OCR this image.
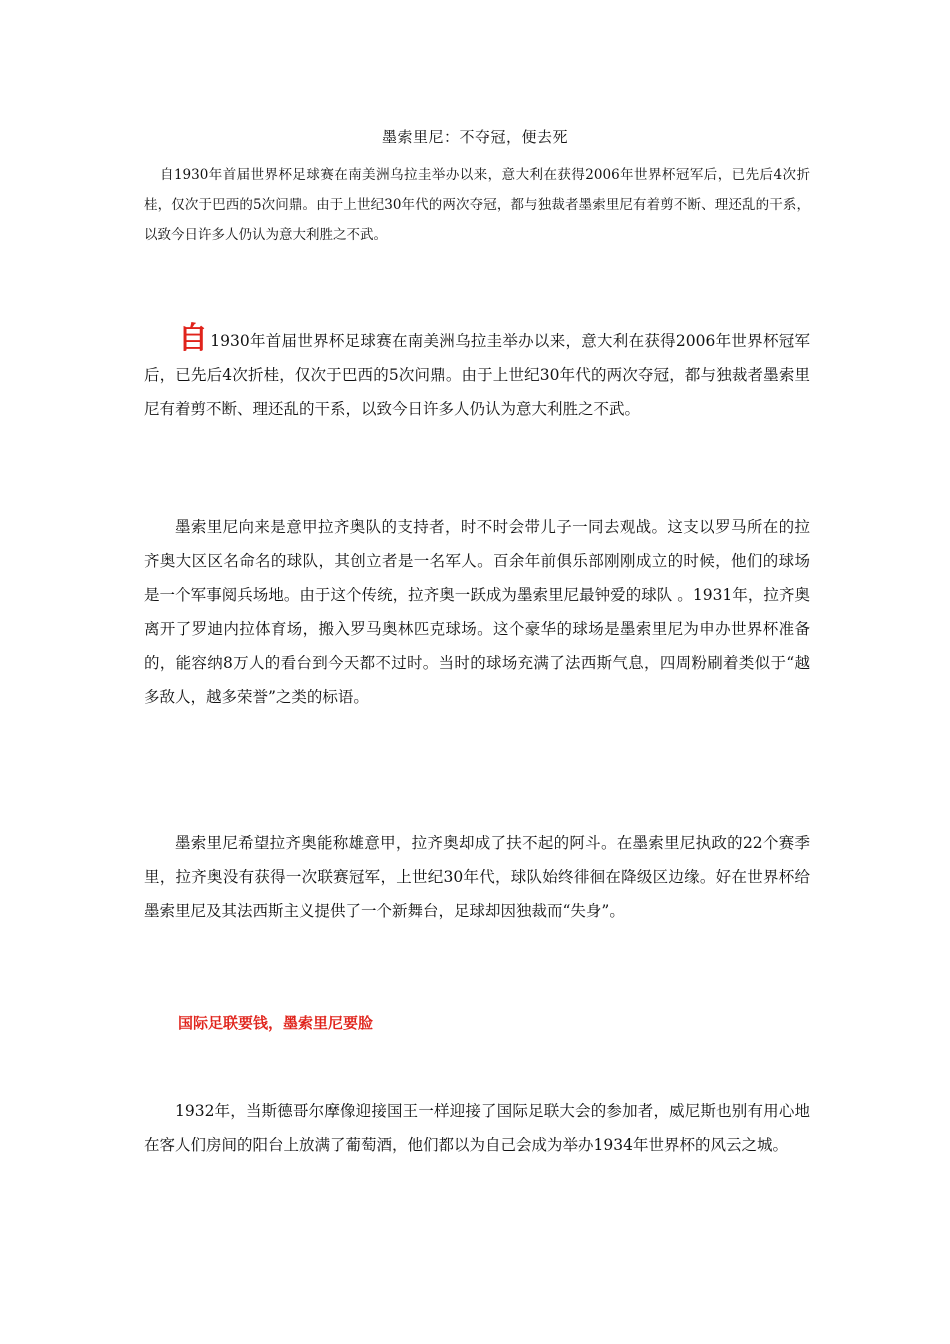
墨索里尼：不夺冠，便去死

自1930年首届世界杯足球赛在南美洲乌拉圭举办以来，意大利在获得2006年世界杯冠军后，已先后4次折桂，仅次于巴西的5次问鼎。由于上世纪30年代的两次夺冠，都与独裁者墨索里尼有着剪不断、理还乱的干系，以致今日许多人仍认为意大利胜之不武。

自 1930年首届世界杯足球赛在南美洲乌拉圭举办以来，意大利在获得2006年世界杯冠军后，已先后4次折桂，仅次于巴西的5次问鼎。由于上世纪30年代的两次夺冠，都与独裁者墨索里尼有着剪不断、理还乱的干系，以致今日许多人仍认为意大利胜之不武。

墨索里尼向来是意甲拉齐奥队的支持者，时不时会带儿子一同去观战。这支以罗马所在的拉齐奥大区区名命名的球队，其创立者是一名军人。百余年前俱乐部刚刚成立的时候，他们的球场是一个军事阅兵场地。由于这个传统，拉齐奥一跃成为墨索里尼最钟爱的球队 。1931年，拉齐奥离开了罗迪内拉体育场，搬入罗马奥林匹克球场。这个豪华的球场是墨索里尼为申办世界杯准备的，能容纳8万人的看台到今天都不过时。当时的球场充满了法西斯气息，四周粉刷着类似于“越多敌人，越多荣誉”之类的标语。

墨索里尼希望拉齐奥能称雄意甲，拉齐奥却成了扶不起的阿斗。在墨索里尼执政的22个赛季里，拉齐奥没有获得一次联赛冠军，上世纪30年代，球队始终徘徊在降级区边缘。好在世界杯给墨索里尼及其法西斯主义提供了一个新舞台，足球却因独裁而“失身”。

国际足联要钱，墨索里尼要脸

1932年，当斯德哥尔摩像迎接国王一样迎接了国际足联大会的参加者，威尼斯也别有用心地在客人们房间的阳台上放满了葡萄酒，他们都以为自己会成为举办1934年世界杯的风云之城。
